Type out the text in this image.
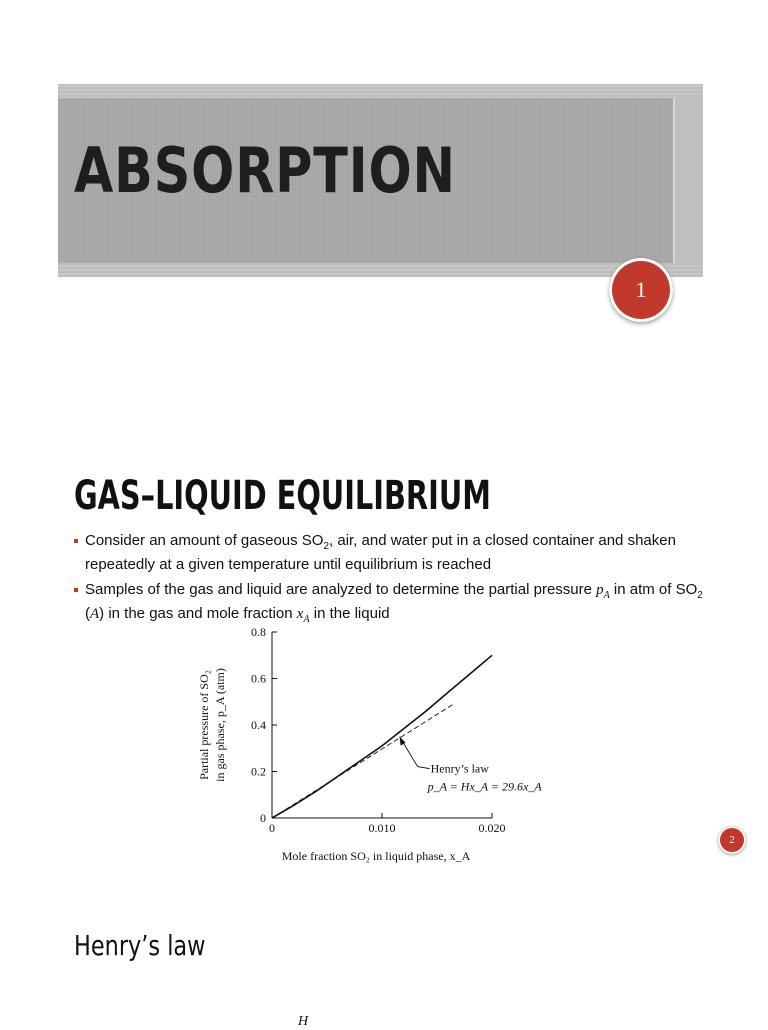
ABSORPTION
1
GAS–LIQUID EQUILIBRIUM
Consider an amount of gaseous $SO_2$, air, and water put in a closed container and shaken repeatedly at a given temperature until equilibrium is reached
Samples of the gas and liquid are analyzed to determine the partial pressure $p_A$ in atm of $SO_2$ (A) in the gas and mole fraction $x_A$ in the liquid
0
0.2
0.4
0.6
0.8
0	0.010	0.020
Henry’s law
p_A = Hx_A = 29.6x_A
Mole fraction SO₂ in liquid phase, x_A
Partial pressure of SO₂ in gas phase, p_A (atm)
2
Henry’s law
H
